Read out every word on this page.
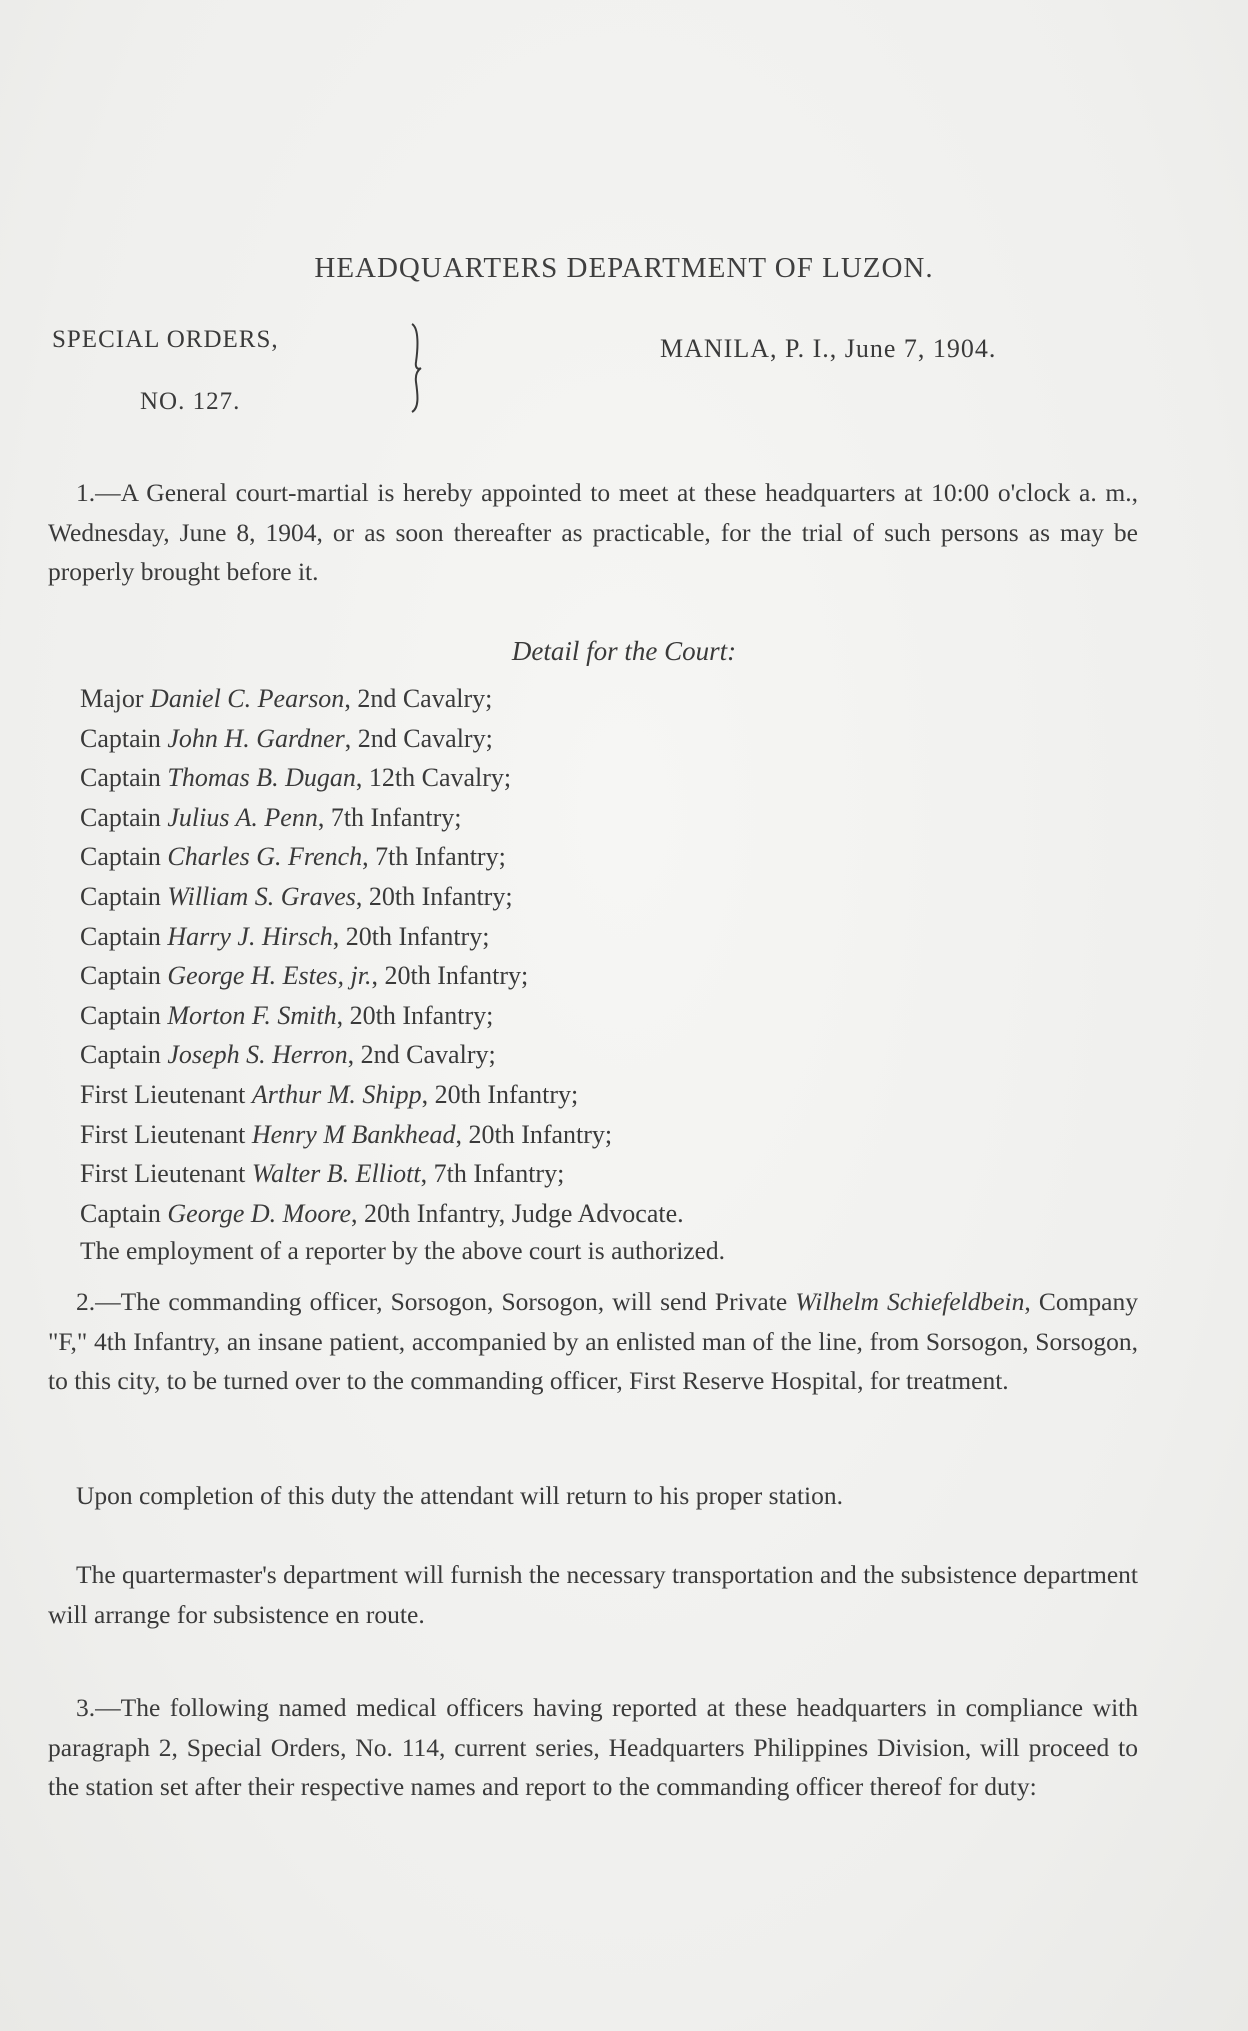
HEADQUARTERS DEPARTMENT OF LUZON.
SPECIAL ORDERS,
NO. 127.
MANILA, P. I., June 7, 1904.

1.—A General court-martial is hereby appointed to meet at these headquarters at 10:00 o'clock a. m., Wednesday, June 8, 1904, or as soon thereafter as practicable, for the trial of such persons as may be properly brought before it.

Detail for the Court:
Major Daniel C. Pearson, 2nd Cavalry;
Captain John H. Gardner, 2nd Cavalry;
Captain Thomas B. Dugan, 12th Cavalry;
Captain Julius A. Penn, 7th Infantry;
Captain Charles G. French, 7th Infantry;
Captain William S. Graves, 20th Infantry;
Captain Harry J. Hirsch, 20th Infantry;
Captain George H. Estes, jr., 20th Infantry;
Captain Morton F. Smith, 20th Infantry;
Captain Joseph S. Herron, 2nd Cavalry;
First Lieutenant Arthur M. Shipp, 20th Infantry;
First Lieutenant Henry M Bankhead, 20th Infantry;
First Lieutenant Walter B. Elliott, 7th Infantry;
Captain George D. Moore, 20th Infantry, Judge Advocate.
The employment of a reporter by the above court is authorized.

2.—The commanding officer, Sorsogon, Sorsogon, will send Private Wilhelm Schiefeldbein, Company "F," 4th Infantry, an insane patient, accompanied by an enlisted man of the line, from Sorsogon, Sorsogon, to this city, to be turned over to the commanding officer, First Reserve Hospital, for treatment.

Upon completion of this duty the attendant will return to his proper station.

The quartermaster's department will furnish the necessary transportation and the subsistence department will arrange for subsistence en route.

3.—The following named medical officers having reported at these headquarters in compliance with paragraph 2, Special Orders, No. 114, current series, Headquarters Philippines Division, will proceed to the station set after their respective names and report to the commanding officer thereof for duty:
